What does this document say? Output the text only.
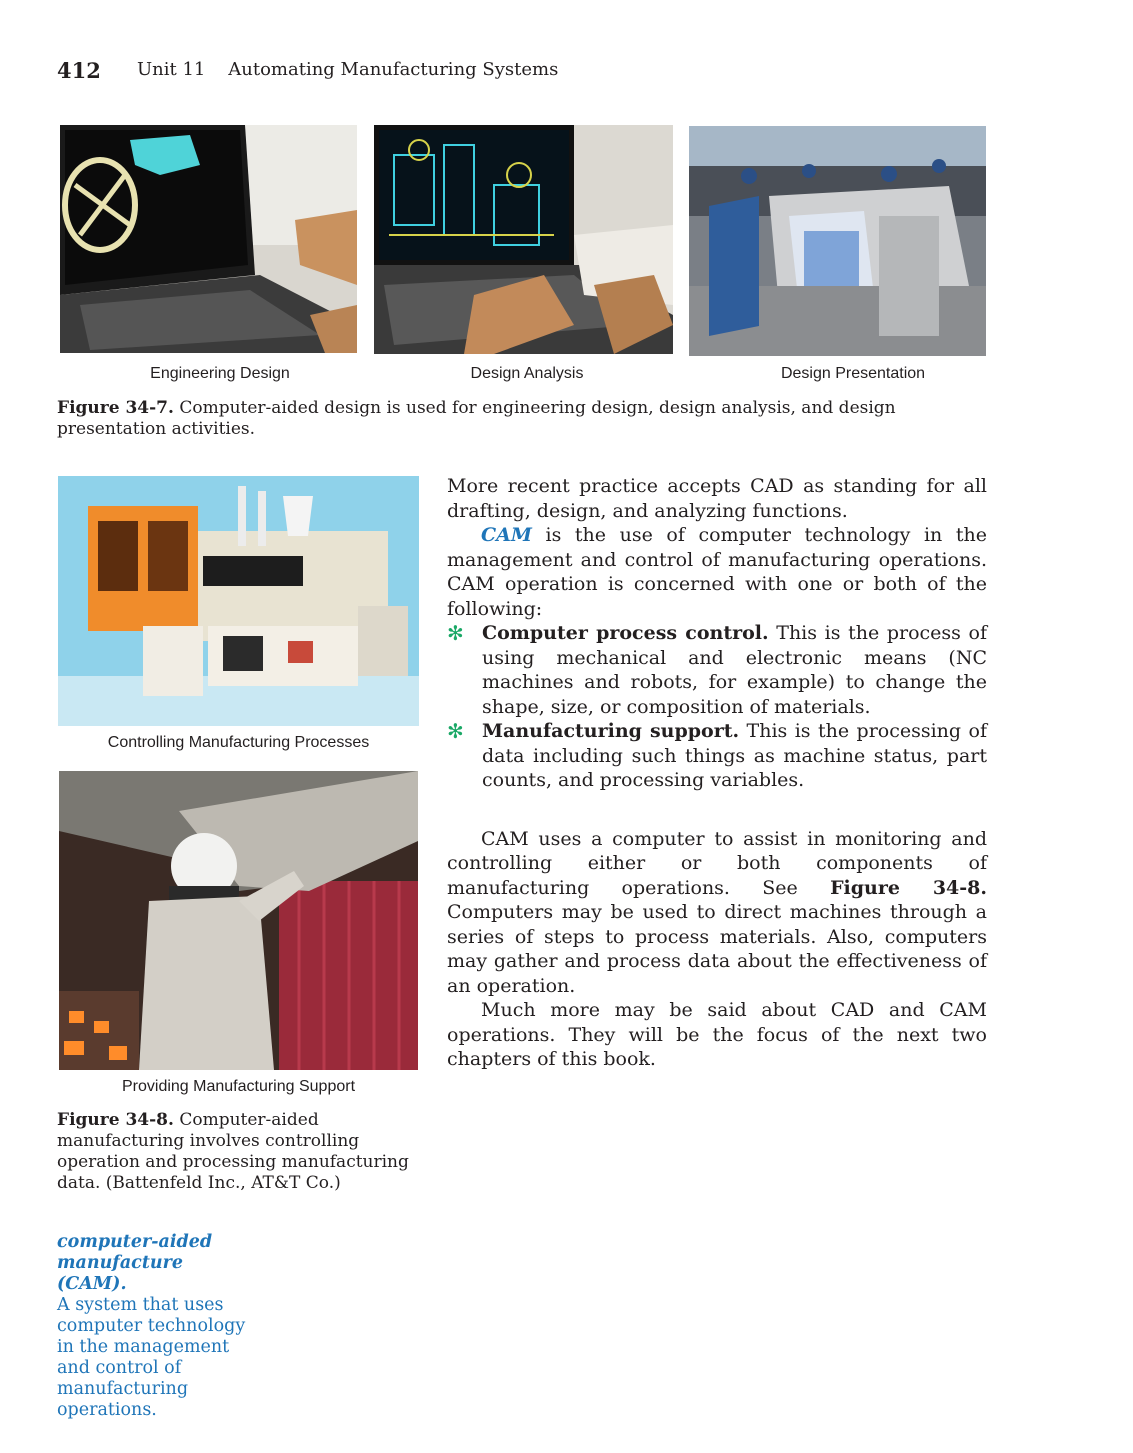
412 Unit 11    Automating Manufacturing Systems
Engineering Design	Design Analysis	Design Presentation
Figure 34-7. Computer-aided design is used for engineering design, design analysis, and design presentation activities.
Controlling Manufacturing Processes
Providing Manufacturing Support
Figure 34-8. Computer-aided manufacturing involves controlling operation and processing manufacturing data. (Battenfeld Inc., AT&T Co.)

More recent practice accepts CAD as standing for all drafting, design, and analyzing functions.

CAM is the use of computer technology in the management and control of manufacturing operations. CAM operation is concerned with one or both of the following:

✻ Computer process control. This is the process of using mechanical and electronic means (NC machines and robots, for example) to change the shape, size, or composition of materials.

✻ Manufacturing support. This is the processing of data including such things as machine status, part counts, and processing variables.

CAM uses a computer to assist in monitoring and controlling either or both components of manufacturing operations. See Figure 34-8. Computers may be used to direct machines through a series of steps to process materials. Also, computers may gather and process data about the effectiveness of an operation.

Much more may be said about CAD and CAM operations. They will be the focus of the next two chapters of this book.

computer-aided manufacture (CAM).
A system that uses computer technology in the management and control of manufacturing operations.
